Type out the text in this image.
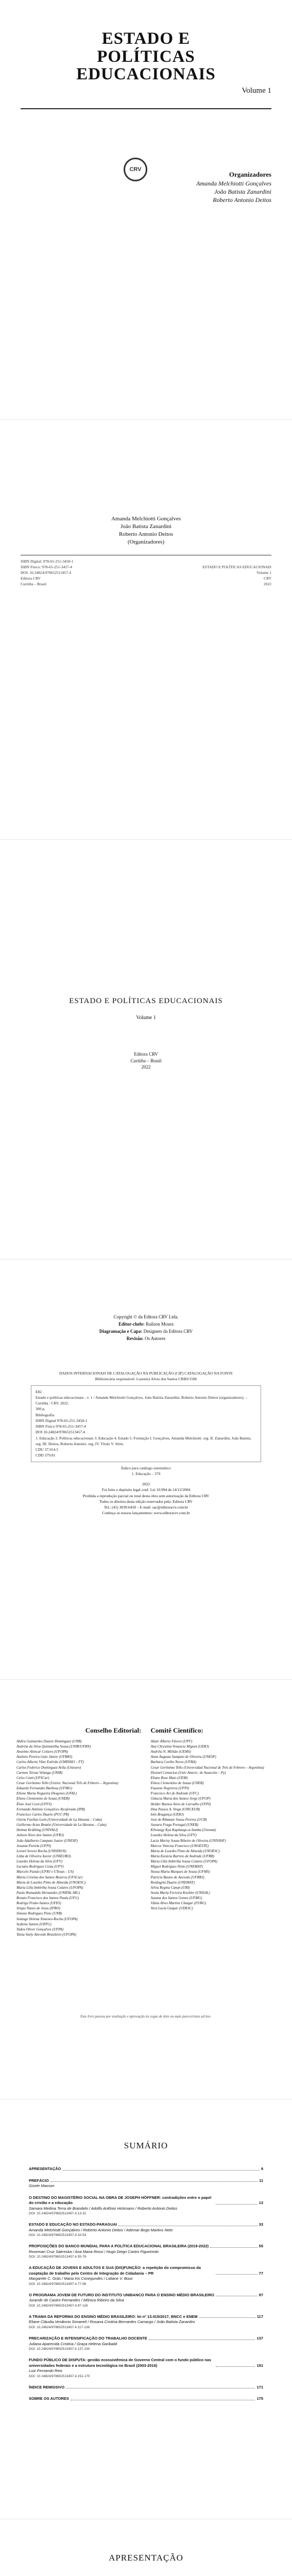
ESTADO E
POLÍTICAS
EDUCACIONAIS
Volume 1
CRV
Organizadores
Amanda Melchiotti Gonçalves
João Batista Zanardini
Roberto Antonio Deitos
Amanda Melchiotti Gonçalves
João Batista Zanardini
Roberto Antonio Deitos
(Organizadores)
ISBN Digital: 978-65-251-3458-1
ISBN Físico: 978-65-251-3457-4	ESTADO E POLÍTICAS EDUCACIONAIS
DOI: 10.24824/978652513457.4	Volume 1
Editora CRV	CRV
Curitiba – Brasil	2022
ESTADO E POLÍTICAS EDUCACIONAIS
Volume 1
Editora CRV
Curitiba – Brasil
2022
Copyright © da Editora CRV Ltda.
Editor-chefe: Railson Moura
Diagramação e Capa: Designers da Editora CRV
Revisão: Os Autores
DADOS INTERNACIONAIS DE CATALOGAÇÃO NA PUBLICAÇÃO (CIP) CATALOGAÇÃO NA FONTE
Bibliotecária responsável: Luzenira Alves dos Santos CRB9/1506
E82
Estado e políticas educacionais - v. 1 / Amanda Melchiotti Gonçalves, João Batista Zanardini, Roberto Antonio Deitos (organizadores). – Curitiba : CRV, 2022.
300 p.
Bibliografia
ISBN Digital 978-65-251-3458-1
ISBN Físico 978-65-251-3457-4
DOI 10.24824/978652513457.4
1. Educação 2. Políticas educacionais 3. Educação 4. Estado 5. Formação I. Gonçalves, Amanda Melchiotti. org. II. Zanardini, João Batista. org. III. Deitos, Roberto Antonio. org. IV. Título V. Série.
CDU 37.014.5
CDD 379.81
Índice para catálogo sistemático
1. Educação – 379
2022
Foi feito o depósito legal conf. Lei 10.994 de 14/12/2004
Proibida a reprodução parcial ou total desta obra sem autorização da Editora CRV
Todos os direitos desta edição reservados pela: Editora CRV
Tel.: (41) 3039-6418 – E-mail: sac@editoracrv.com.br
Conheça os nossos lançamentos: www.editoracrv.com.br
Conselho Editorial:
Aldira Guimarães Duarte Domínguez (UNB)
Andréia da Silva Quintanilha Sousa (UNIR/UFRN)
Anselmo Alencar Colares (UFOPA)
Antônio Pereira Gaio Júnior (UFRRJ)
Carlos Alberto Vilar Estêvão (UMINHO – PT)
Carlos Federico Dominguez Avila (Unieuro)
Carmen Tereza Velanga (UNIR)
Celso Conti (UFSCar)
Cesar Gerônimo Tello (Univer. Nacional Três de Febrero – Argentina)
Eduardo Fernandes Barbosa (UFMG)
Elione Maria Nogueira Diogenes (UFAL)
Elizeu Clementino de Souza (UNEB)
Élsio José Corá (UFFS)
Fernando Antônio Gonçalves Alcoforado (IPB)
Francisco Carlos Duarte (PUC-PR)
Gloria Fariñas León (Universidade de La Havana – Cuba)
Guillermo Arias Beatón (Universidade de La Havana – Cuba)
Helmut Krähling (UNIVALI)
Jailson Alves dos Santos (UFRJ)
João Adalberto Campato Junior (UNESP)
Josania Portela (UFPI)
Leonel Severo Rocha (UNISINOS)
Lídia de Oliveira Xavier (UNIEURO)
Lourdes Helena da Silva (UFV)
Luciano Rodrigues Costa (UFV)
Marcelo Paixão (UFRJ e UTexas – US)
Maria Cristina dos Santos Bezerra (UFSCar)
Maria de Lourdes Pinto de Almeida (UNOESC)
Maria Lília Imbiriba Sousa Colares (UFOPA)
Paulo Romualdo Hernandes (UNIFAL-MG)
Renato Francisco dos Santos Paula (UFG)
Rodrigo Pratte-Santos (UFES)
Sérgio Nunes de Jesus (IFRO)
Simone Rodrigues Pinto (UNB)
Solange Helena Ximenes-Rocha (UFOPA)
Sydione Santos (UEPG)
Tadeu Oliver Gonçalves (UFPA)
Tania Suely Azevedo Brasileiro (UFOPA)
Comitê Científico:
Altair Alberto Fávero (UPF)
Ana Chrystina Venancio Mignot (UERJ)
Andréia N. Militão (UEMS)
Anna Augusta Sampaio de Oliveira (UNESP)
Barbara Coelho Neves (UFBA)
Cesar Gerônimo Tello (Universidad Nacional de Três de Febrero – Argentina)
Diosnel Centurion (Univ Americ. de Asunción – Py)
Eliane Rose Maio (UEM)
Elizeu Clementino de Souza (UNEB)
Fauston Negreiros (UFPI)
Francisco Ari de Andrade (UFC)
Gláucia Maria dos Santos Jorge (UFOP)
Helder Buenos Aires de Carvalho (UFPI)
Ilma Passos A. Veiga (UNICEUB)
Inês Bragança (UERJ)
José de Ribamar Sousa Pereira (UCB)
Jussara Fraga Portugal (UNEB)
Kilwangy Kya Kapitango-a-Samba (Unemat)
Lourdes Helena da Silva (UFV)
Lucia Marisy Souza Ribeiro de Oliveira (UNIVASF)
Marcos Vinicius Francisco (UNOESTE)
Maria de Lourdes Pinto de Almeida (UNOESC)
Maria Eurácia Barreto de Andrade (UFRB)
Maria Lília Imbiriba Sousa Colares (UFOPA)
Míguel Rodrigues Netto (UNEMAT)
Neusa Maria Marques de Souza (UFMS)
Patrícia Bastos de Azevedo (UFRRJ)
Rosângela Duarte (UNEMAT)
Silvia Regina Canan (URI)
Sonia Maria Ferreira Koehler (UNISAL)
Suzana dos Santos Gomes (UFMG)
Vânia Alves Martins Chaigar (FURG)
Vera Lucia Gaspar (UDESC)
Este livro passou por avaliação e aprovação às cegas de dois ou mais pareceristas ad hoc.
SUMÁRIO
APRESENTAÇÃO	9
PREFÁCIO	11
Gisele Masson
O DESTINO DO MAGISTÉRIO SOCIAL NA OBRA DE JOSEPH HÖFFNER: contradições entre o papel do cristão e a educação	13
Samara Medina Terra de Brandelo / Adolfo Antônio Hickmann / Roberto Antonio Deitos
DOI: 10.24824/978652513457.4.13-32
ESTADO E EDUCAÇÃO NO ESTADO-PARAGUAI	33
Amanda Melchiotti Gonçalves / Roberto Antonio Deitos / Ademar Bogo Martins Neto
DOI: 10.24824/978652513457.4.33-54
PROPOSIÇÕES DO BANCO MUNDIAL PARA A POLÍTICA EDUCACIONAL BRASILEIRA (2019-2022)	55
Rosemari Cruz Sakreska / Ana Maria Rossi / Hugo Diego Castro Figueiredo
DOI: 10.24824/978652513457.4.55-76
A EDUCAÇÃO DE JOVENS E ADULTOS E SUA (DIS)FUNÇÃO: a repetição do compromisso da cooptação de trabalho pelo Centro de Integração de Cidadania – PR	77
Margarete C. Grás / Maria Iris Conegundes / Lidiane V. Bouc
DOI: 10.24824/978652513457.4.77-96
O PROGRAMA JOVEM DE FUTURO DO INSTITUTO UNIBANCO PARA O ENSINO MÉDIO BRASILEIRO	97
Jurandir de Castro Fernandes / Mônica Ribeiro da Silva
DOI: 10.24824/978652513457.4.97-116
A TRAMA DA REFORMA DO ENSINO MÉDIO BRASILEIRO: lei nº 13.415/2017, BNCC e ENEM	117
Eliane Cláudia Venâncio Simaneli / Rosana Cristina Bernardes Camargo / João Batista Zanardini
DOI: 10.24824/978652513457.4.117-136
PRECARIZAÇÃO E INTENSIFICAÇÃO DO TRABALHO DOCENTE	137
Juliana Aparecida Cristina / Graça Helena Garibaldi
DOI: 10.24824/978652513457.4.137-150
FUNDO PÚBLICO DE DISPUTA: gestão ecossistêmica de Governo Central com o fundo público nas universidades federais e a estrutura tecnológica no Brasil (2003-2016)	151
Luiz Fernando Reis
DOI: 10.24824/978652513457.4.151-170
ÍNDICE REMISSIVO	171
SOBRE OS AUTORES	175
APRESENTAÇÃO
